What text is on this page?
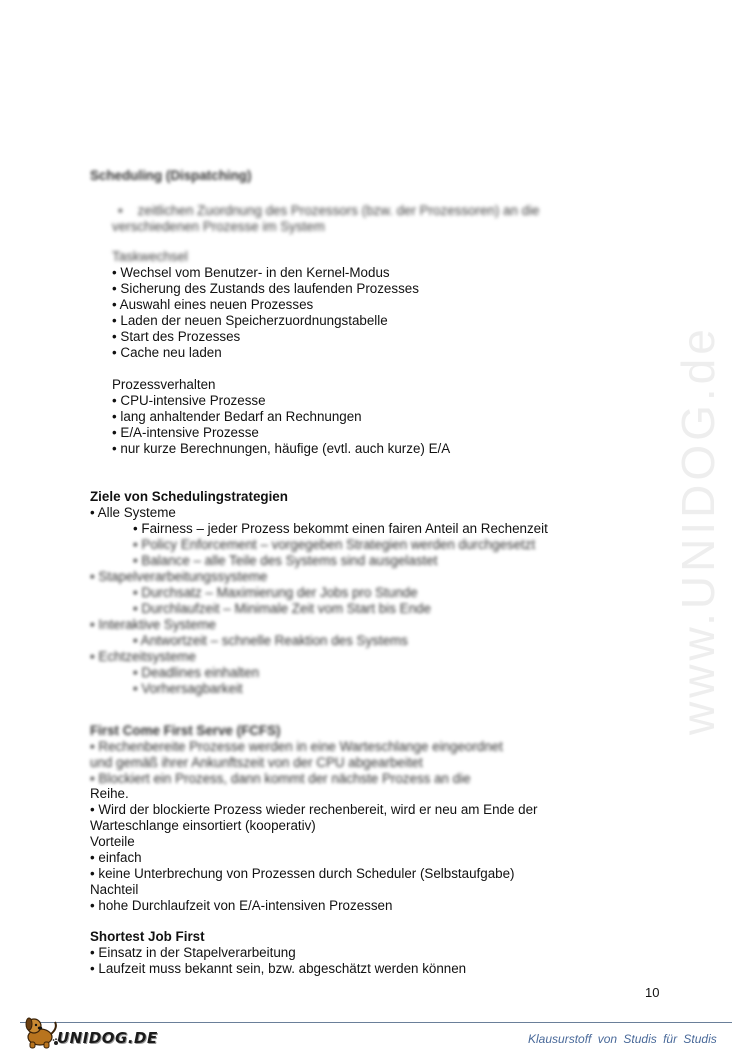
www.UNIDOG.de
Scheduling (Dispatching)
•    zeitlichen Zuordnung des Prozessors (bzw. der Prozessoren) an die
verschiedenen Prozesse im System
Taskwechsel
• Wechsel vom Benutzer- in den Kernel-Modus
• Sicherung des Zustands des laufenden Prozesses
• Auswahl eines neuen Prozesses
• Laden der neuen Speicherzuordnungstabelle
• Start des Prozesses
• Cache neu laden
Prozessverhalten
• CPU-intensive Prozesse
• lang anhaltender Bedarf an Rechnungen
• E/A-intensive Prozesse
• nur kurze Berechnungen, häufige (evtl. auch kurze) E/A
Ziele von Schedulingstrategien
• Alle Systeme
• Fairness – jeder Prozess bekommt einen fairen Anteil an Rechenzeit
• Policy Enforcement – vorgegeben Strategien werden durchgesetzt
• Balance – alle Teile des Systems sind ausgelastet
• Stapelverarbeitungssysteme
• Durchsatz – Maximierung der Jobs pro Stunde
• Durchlaufzeit – Minimale Zeit vom Start bis Ende
• Interaktive Systeme
• Antwortzeit – schnelle Reaktion des Systems
• Echtzeitsysteme
• Deadlines einhalten
• Vorhersagbarkeit
First Come First Serve (FCFS)
• Rechenbereite Prozesse werden in eine Warteschlange eingeordnet
und gemäß ihrer Ankunftszeit von der CPU abgearbeitet
• Blockiert ein Prozess, dann kommt der nächste Prozess an die
Reihe.
• Wird der blockierte Prozess wieder rechenbereit, wird er neu am Ende der
Warteschlange einsortiert (kooperativ)
Vorteile
• einfach
• keine Unterbrechung von Prozessen durch Scheduler (Selbstaufgabe)
Nachteil
• hohe Durchlaufzeit von E/A-intensiven Prozessen
Shortest Job First
• Einsatz in der Stapelverarbeitung
• Laufzeit muss bekannt sein, bzw. abgeschätzt werden können
10
UNIDOG.DE	Klausurstoff von Studis für Studis
